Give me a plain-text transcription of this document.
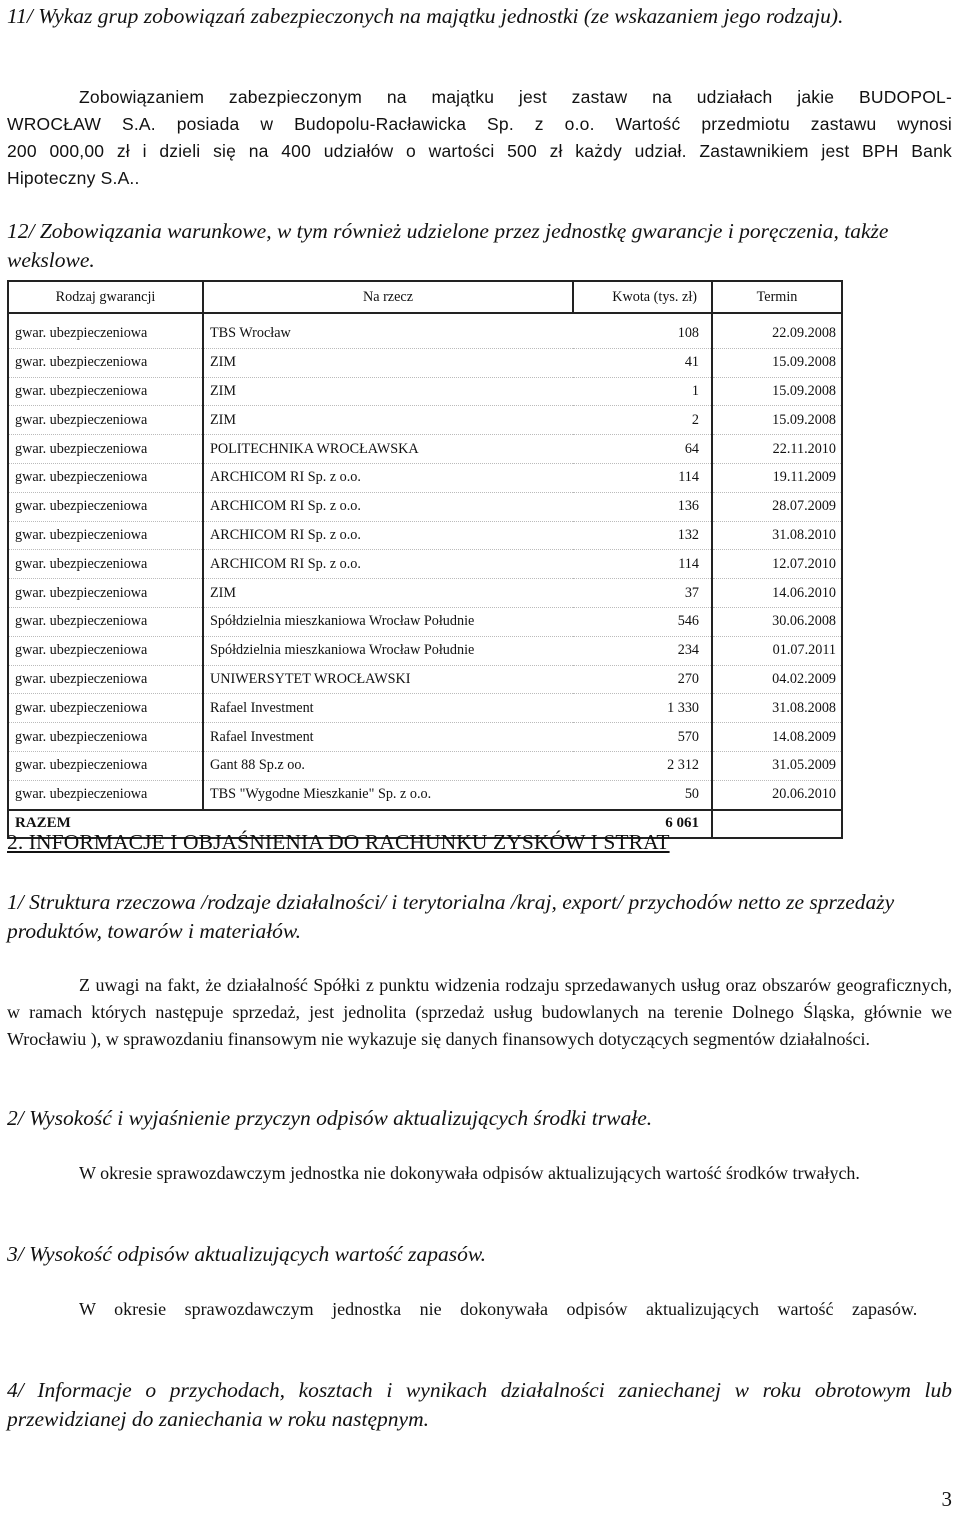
11/ Wykaz grup zobowiązań zabezpieczonych na majątku jednostki (ze wskazaniem jego rodzaju).
Zobowiązaniem zabezpieczonym na majątku jest zastaw na udziałach jakie BUDOPOL-
WROCŁAW S.A. posiada w Budopolu-Racławicka Sp. z o.o. Wartość przedmiotu zastawu wynosi
200 000,00 zł i dzieli się na 400 udziałów o wartości 500 zł każdy udział. Zastawnikiem jest BPH Bank
Hipoteczny S.A..
12/ Zobowiązania warunkowe, w tym również udzielone przez jednostkę gwarancje i poręczenia, także wekslowe.
Rodzaj gwarancji	Na rzecz	Kwota (tys. zł)	Termin
gwar. ubezpieczeniowa	TBS Wrocław	108	22.09.2008
gwar. ubezpieczeniowa	ZIM	41	15.09.2008
gwar. ubezpieczeniowa	ZIM	1	15.09.2008
gwar. ubezpieczeniowa	ZIM	2	15.09.2008
gwar. ubezpieczeniowa	POLITECHNIKA WROCŁAWSKA	64	22.11.2010
gwar. ubezpieczeniowa	ARCHICOM RI Sp. z o.o.	114	19.11.2009
gwar. ubezpieczeniowa	ARCHICOM RI Sp. z o.o.	136	28.07.2009
gwar. ubezpieczeniowa	ARCHICOM RI Sp. z o.o.	132	31.08.2010
gwar. ubezpieczeniowa	ARCHICOM RI Sp. z o.o.	114	12.07.2010
gwar. ubezpieczeniowa	ZIM	37	14.06.2010
gwar. ubezpieczeniowa	Spółdzielnia mieszkaniowa Wrocław Południe	546	30.06.2008
gwar. ubezpieczeniowa	Spółdzielnia mieszkaniowa Wrocław Południe	234	01.07.2011
gwar. ubezpieczeniowa	UNIWERSYTET WROCŁAWSKI	270	04.02.2009
gwar. ubezpieczeniowa	Rafael Investment	1 330	31.08.2008
gwar. ubezpieczeniowa	Rafael Investment	570	14.08.2009
gwar. ubezpieczeniowa	Gant 88 Sp.z oo.	2 312	31.05.2009
gwar. ubezpieczeniowa	TBS "Wygodne Mieszkanie" Sp. z o.o.	50	20.06.2010
RAZEM		6 061	
2. INFORMACJE I OBJAŚNIENIA DO RACHUNKU ZYSKÓW I STRAT
1/ Struktura rzeczowa /rodzaje działalności/ i terytorialna /kraj, export/ przychodów netto ze sprzedaży produktów, towarów i materiałów.
Z uwagi na fakt, że działalność Spółki z punktu widzenia rodzaju sprzedawanych usług oraz obszarów geograficznych, w ramach których następuje sprzedaż, jest jednolita (sprzedaż usług budowlanych na terenie Dolnego Śląska, głównie we Wrocławiu ), w sprawozdaniu finansowym nie wykazuje się danych finansowych dotyczących segmentów działalności.
2/ Wysokość i wyjaśnienie przyczyn odpisów aktualizujących środki trwałe.
W okresie sprawozdawczym jednostka nie dokonywała odpisów aktualizujących wartość środków trwałych.
3/ Wysokość odpisów aktualizujących wartość zapasów.
W okresie sprawozdawczym jednostka nie dokonywała odpisów aktualizujących wartość zapasów.
4/ Informacje o przychodach, kosztach i wynikach działalności zaniechanej w roku obrotowym lub przewidzianej do zaniechania w roku następnym.
3
